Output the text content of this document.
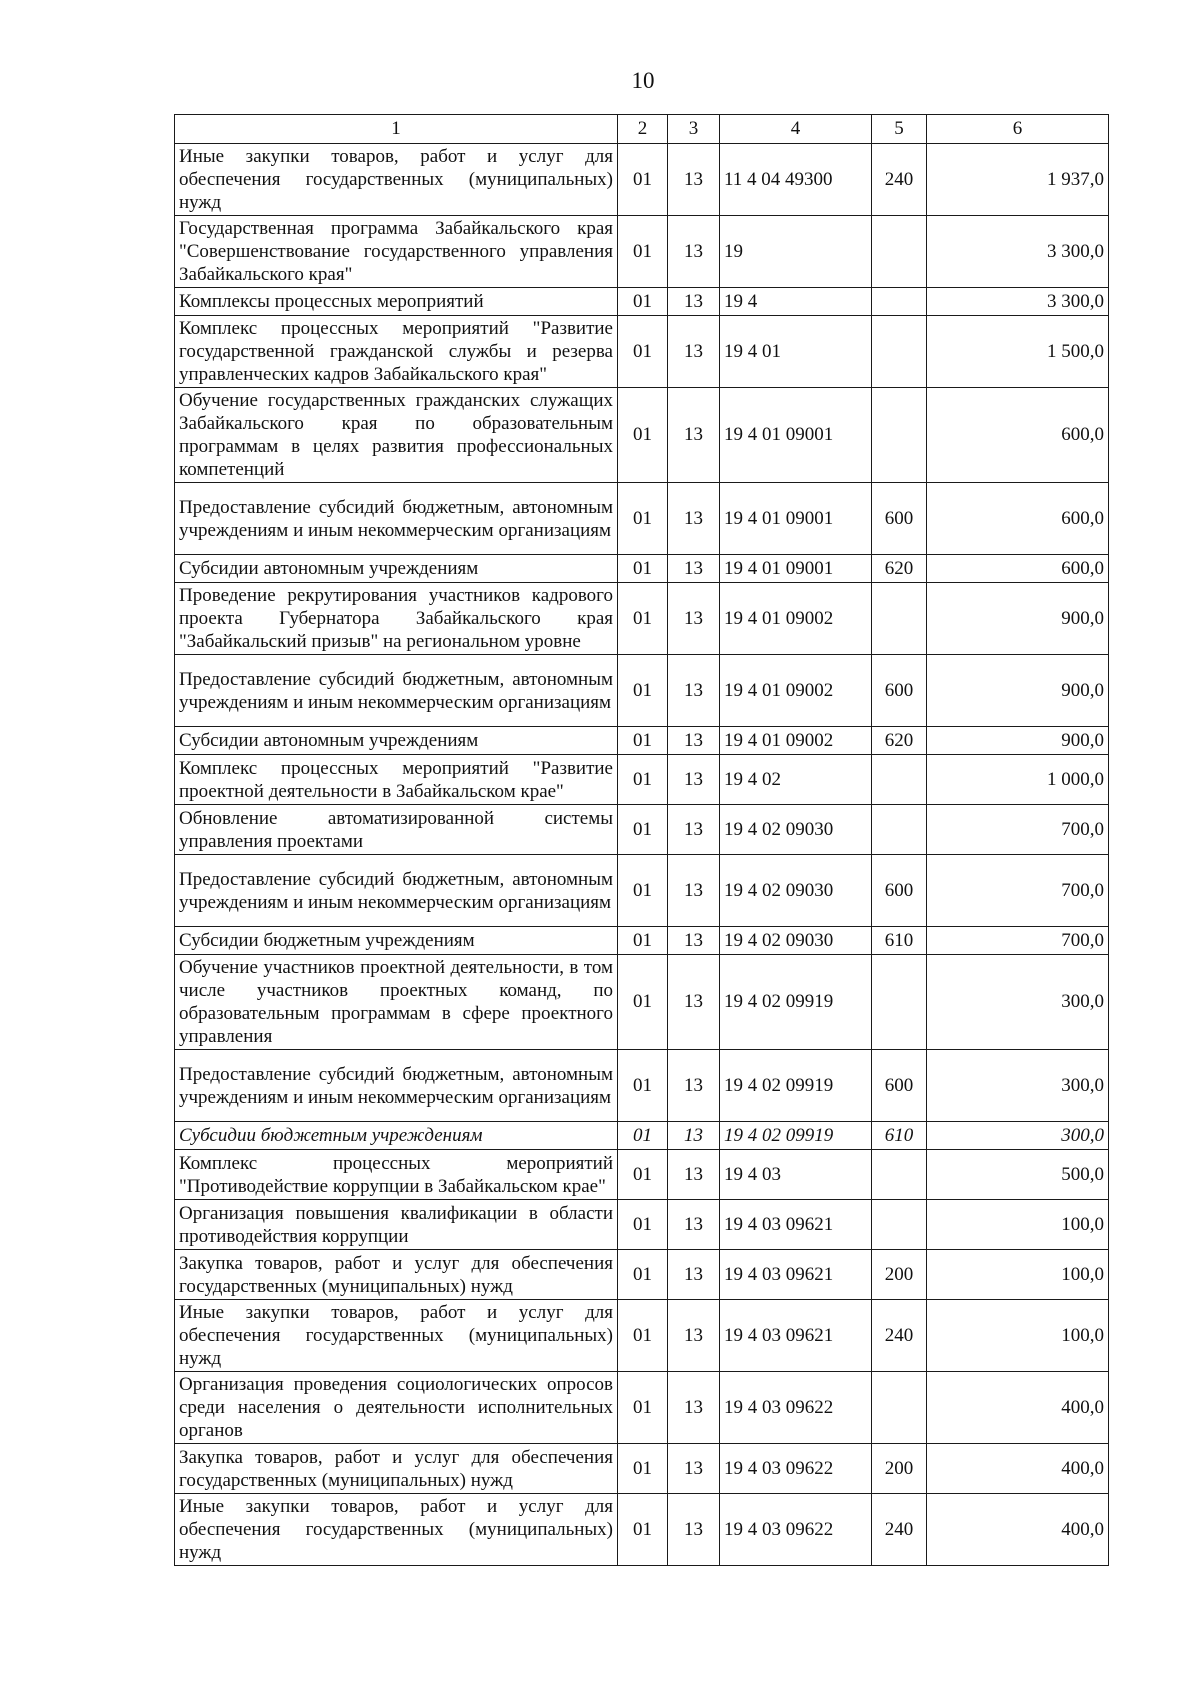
10
1	2	3	4	5	6
Иные закупки товаров, работ и услуг для обеспечения государственных (муниципальных) нужд	01	13	11 4 04 49300	240	1 937,0
Государственная программа Забайкальского края "Совершенствование государственного управления Забайкальского края"	01	13	19		3 300,0
Комплексы процессных мероприятий	01	13	19 4		3 300,0
Комплекс процессных мероприятий "Развитие государственной гражданской службы и резерва управленческих кадров Забайкальского края"	01	13	19 4 01		1 500,0
Обучение государственных гражданских служащих Забайкальского края по образовательным программам в целях развития профессиональных компетенций	01	13	19 4 01 09001		600,0
Предоставление субсидий бюджетным, автономным учреждениям и иным некоммерческим организациям	01	13	19 4 01 09001	600	600,0
Субсидии автономным учреждениям	01	13	19 4 01 09001	620	600,0
Проведение рекрутирования участников кадрового проекта Губернатора Забайкальского края "Забайкальский призыв" на региональном уровне	01	13	19 4 01 09002		900,0
Предоставление субсидий бюджетным, автономным учреждениям и иным некоммерческим организациям	01	13	19 4 01 09002	600	900,0
Субсидии автономным учреждениям	01	13	19 4 01 09002	620	900,0
Комплекс процессных мероприятий "Развитие проектной деятельности в Забайкальском крае"	01	13	19 4 02		1 000,0
Обновление автоматизированной системы управления проектами	01	13	19 4 02 09030		700,0
Предоставление субсидий бюджетным, автономным учреждениям и иным некоммерческим организациям	01	13	19 4 02 09030	600	700,0
Субсидии бюджетным учреждениям	01	13	19 4 02 09030	610	700,0
Обучение участников проектной деятельности, в том числе участников проектных команд, по образовательным программам в сфере проектного управления	01	13	19 4 02 09919		300,0
Предоставление субсидий бюджетным, автономным учреждениям и иным некоммерческим организациям	01	13	19 4 02 09919	600	300,0
Субсидии бюджетным учреждениям	01	13	19 4 02 09919	610	300,0
Комплекс процессных мероприятий "Противодействие коррупции в Забайкальском крае"	01	13	19 4 03		500,0
Организация повышения квалификации в области противодействия коррупции	01	13	19 4 03 09621		100,0
Закупка товаров, работ и услуг для обеспечения государственных (муниципальных) нужд	01	13	19 4 03 09621	200	100,0
Иные закупки товаров, работ и услуг для обеспечения государственных (муниципальных) нужд	01	13	19 4 03 09621	240	100,0
Организация проведения социологических опросов среди населения о деятельности исполнительных органов	01	13	19 4 03 09622		400,0
Закупка товаров, работ и услуг для обеспечения государственных (муниципальных) нужд	01	13	19 4 03 09622	200	400,0
Иные закупки товаров, работ и услуг для обеспечения государственных (муниципальных) нужд	01	13	19 4 03 09622	240	400,0
